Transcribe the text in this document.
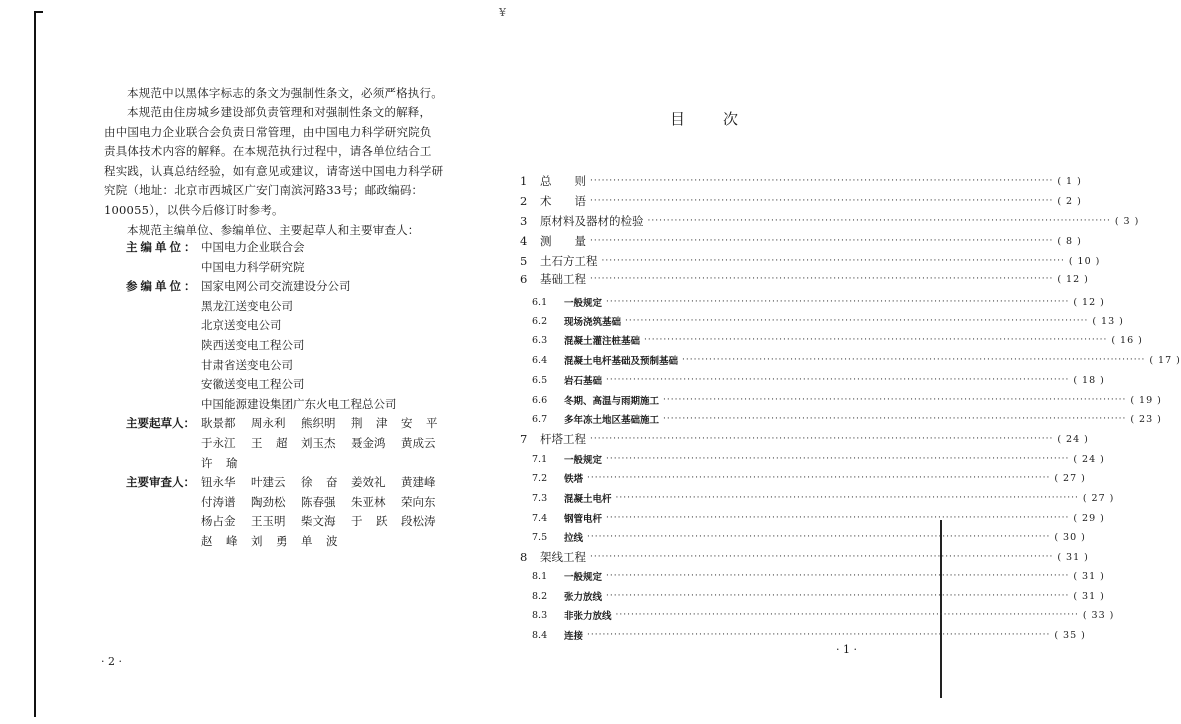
¥
本规范中以黑体字标志的条文为强制性条文，必须严格执行。
本规范由住房城乡建设部负责管理和对强制性条文的解释，
由中国电力企业联合会负责日常管理，由中国电力科学研究院负
责具体技术内容的解释。在本规范执行过程中，请各单位结合工
程实践，认真总结经验，如有意见或建议，请寄送中国电力科学研
究院（地址：北京市西城区广安门南滨河路33号；邮政编码：
100055），以供今后修订时参考。
本规范主编单位、参编单位、主要起草人和主要审查人：
主编单位： 中国电力企业联合会
中国电力科学研究院
参编单位： 国家电网公司交流建设分公司
黑龙江送变电公司
北京送变电公司
陕西送变电工程公司
甘肃省送变电公司
安徽送变电工程公司
中国能源建设集团广东火电工程总公司
主要起草人： 耿景都 周永利 熊织明 荆 津 安 平
于永江 王 超 刘玉杰 聂金鸿 黄成云
许 瑜
主要审查人： 钮永华 叶建云 徐 奋 姜效礼 黄建峰
付涛谱 陶劲松 陈春强 朱亚林 荣向东
杨占金 王玉明 柴文海 于 跃 段松涛
赵 峰 刘 勇 单 波
· 2 ·
目次
1	总　　则 ························································································································ ( 1 )
2	术　　语 ························································································································ ( 2 )
3	原材料及器材的检验 ························································································································ ( 3 )
4	测　　量 ························································································································ ( 8 )
5	土石方工程 ························································································································ ( 10 )
6	基础工程 ························································································································ ( 12 )
6.1	一般规定 ························································································································ ( 12 )
6.2	现场浇筑基础 ························································································································ ( 13 )
6.3	混凝土灌注桩基础 ························································································································ ( 16 )
6.4	混凝土电杆基础及预制基础 ························································································································ ( 17 )
6.5	岩石基础 ························································································································ ( 18 )
6.6	冬期、高温与雨期施工 ························································································································ ( 19 )
6.7	多年冻土地区基础施工 ························································································································ ( 23 )
7	杆塔工程 ························································································································ ( 24 )
7.1	一般规定 ························································································································ ( 24 )
7.2	铁塔 ························································································································ ( 27 )
7.3	混凝土电杆 ························································································································ ( 27 )
7.4	钢管电杆 ························································································································ ( 29 )
7.5	拉线 ························································································································ ( 30 )
8	架线工程 ························································································································ ( 31 )
8.1	一般规定 ························································································································ ( 31 )
8.2	张力放线 ························································································································ ( 31 )
8.3	非张力放线 ························································································································ ( 33 )
8.4	连接 ························································································································ ( 35 )
· 1 ·
